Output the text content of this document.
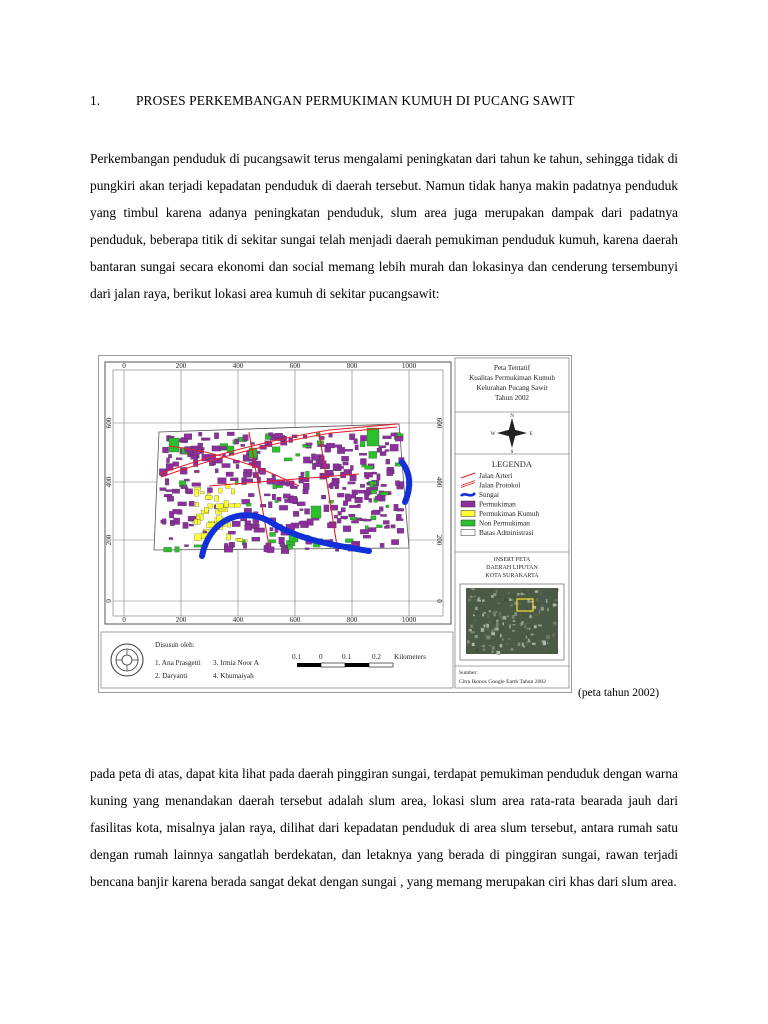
1.	PROSES PERKEMBANGAN PERMUKIMAN KUMUH DI PUCANG SAWIT

Perkembangan penduduk di pucangsawit terus mengalami peningkatan dari tahun ke tahun, sehingga tidak di pungkiri akan terjadi kepadatan penduduk di daerah tersebut. Namun tidak hanya makin padatnya penduduk yang timbul karena adanya peningkatan penduduk, slum area juga merupakan dampak dari padatnya penduduk, beberapa titik di sekitar sungai telah menjadi daerah pemukiman penduduk kumuh, karena daerah bantaran sungai secara ekonomi dan social memang lebih murah dan lokasinya dan cenderung tersembunyi dari jalan raya, berikut lokasi area kumuh di sekitar pucangsawit:

0	200	400	600	800	1000
0	200	400	600	800	1000
0	0
200	200
400	400
600	600
Peta Tentatif
Kualitas Permukiman Kumuh
Kelurahan Pucang Sawit
Tahun 2002
N
S
E
W
LEGENDA
Jalan Arteri
Jalan Protokol
Sungai
Permukiman
Permukiman Kumuh
Non Permukiman
Batas Administrasi
INSERT PETA
DAERAH LIPUTAN
KOTA SURAKARTA
Sumber:
Citra Ikonos Google Earth Tahun 2002
Disusun oleh:
1. Ana Prasgetti 3. Irmia Noor A
2. Daryanti	4. Khumaiyah
0.1	0	0.1	0.2 Kilometers
(peta tahun 2002)

pada peta di atas, dapat kita lihat pada daerah pinggiran sungai, terdapat pemukiman penduduk dengan warna kuning yang menandakan daerah tersebut adalah slum area, lokasi slum area rata-rata bearada jauh dari fasilitas kota, misalnya jalan raya, dilihat dari kepadatan penduduk di area slum tersebut, antara rumah satu dengan rumah lainnya sangatlah berdekatan, dan letaknya yang berada di pinggiran sungai, rawan terjadi bencana banjir karena berada sangat dekat dengan sungai , yang memang merupakan ciri khas dari slum area.
